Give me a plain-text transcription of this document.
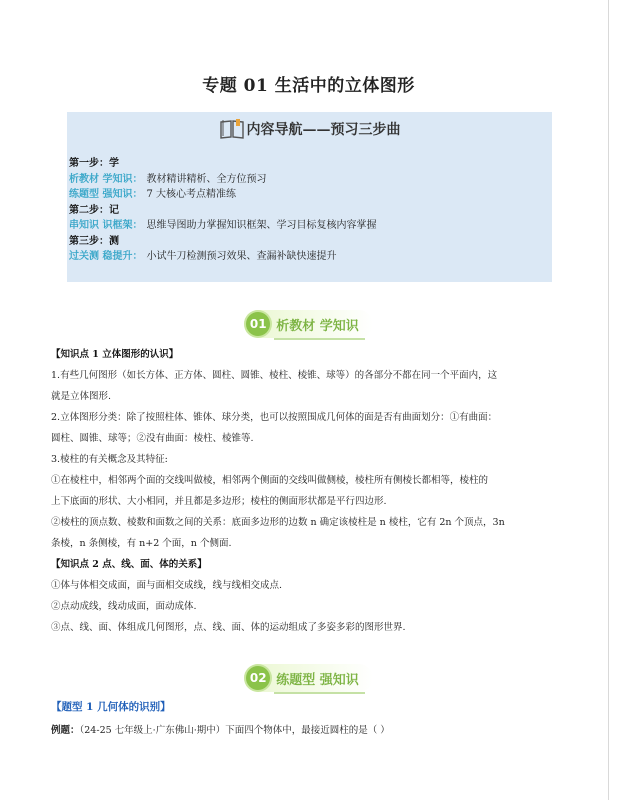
专题 01 生活中的立体图形
内容导航——预习三步曲
第一步：学
析教材 学知识： 教材精讲精析、全方位预习
练题型 强知识： 7 大核心考点精准练
第二步：记
串知识 识框架： 思维导图助力掌握知识框架、学习目标复核内容掌握
第三步：测
过关测 稳提升： 小试牛刀检测预习效果、查漏补缺快速提升
01 析教材 学知识

【知识点 1 立体图形的认识】

1.有些几何图形（如长方体、正方体、圆柱、圆锥、棱柱、棱锥、球等）的各部分不都在同一个平面内，这

就是立体图形.

2.立体图形分类：除了按照柱体、锥体、球分类，也可以按照围成几何体的面是否有曲面划分：①有曲面：

圆柱、圆锥、球等；②没有曲面：棱柱、棱锥等.

3.棱柱的有关概念及其特征:

①在棱柱中，相邻两个面的交线叫做棱，相邻两个侧面的交线叫做侧棱，棱柱所有侧棱长都相等，棱柱的

上下底面的形状、大小相同，并且都是多边形；棱柱的侧面形状都是平行四边形.

②棱柱的顶点数、棱数和面数之间的关系：底面多边形的边数 n 确定该棱柱是 n 棱柱，它有 2n 个顶点，3n

条棱，n 条侧棱，有 n+2 个面，n 个侧面.

【知识点 2 点、线、面、体的关系】

①体与体相交成面，面与面相交成线，线与线相交成点.

②点动成线，线动成面，面动成体.

③点、线、面、体组成几何图形，点、线、面、体的运动组成了多姿多彩的图形世界.

02 练题型 强知识
【题型 1 几何体的识别】
例题：（24-25 七年级上·广东佛山·期中）下面四个物体中，最接近圆柱的是（ ）
